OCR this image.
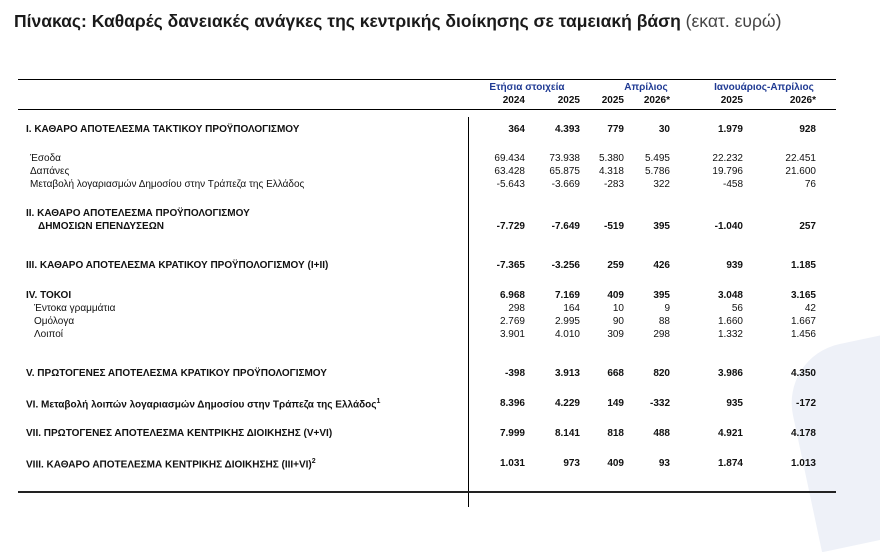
Πίνακας: Καθαρές δανειακές ανάγκες της κεντρικής διοίκησης σε ταμειακή βάση (εκατ. ευρώ)
Ετήσια στοιχεία	Απρίλιος	Ιανουάριος-Απρίλιος
2024	2025	2025	2026*	2025	2026*
I. ΚΑΘΑΡΟ ΑΠΟΤΕΛΕΣΜΑ ΤΑΚΤΙΚΟΥ ΠΡΟΫΠΟΛΟΓΙΣΜΟΥ	364	4.393	779	30	1.979	928
Έσοδα	69.434	73.938	5.380	5.495	22.232	22.451
Δαπάνες	63.428	65.875	4.318	5.786	19.796	21.600
Μεταβολή λογαριασμών Δημοσίου στην Τράπεζα της Ελλάδος	-5.643	-3.669	-283	322	-458	76
II. ΚΑΘΑΡΟ ΑΠΟΤΕΛΕΣΜΑ ΠΡΟΫΠΟΛΟΓΙΣΜΟΥ
ΔΗΜΟΣΙΩΝ ΕΠΕΝΔΥΣΕΩΝ	-7.729	-7.649	-519	395	-1.040	257
III. ΚΑΘΑΡΟ ΑΠΟΤΕΛΕΣΜΑ ΚΡΑΤΙΚΟΥ ΠΡΟΫΠΟΛΟΓΙΣΜΟΥ (I+II)	-7.365	-3.256	259	426	939	1.185
IV. ΤΟΚΟΙ	6.968	7.169	409	395	3.048	3.165
Έντοκα γραμμάτια	298	164	10	9	56	42
Ομόλογα	2.769	2.995	90	88	1.660	1.667
Λοιποί	3.901	4.010	309	298	1.332	1.456
V. ΠΡΩΤΟΓΕΝΕΣ ΑΠΟΤΕΛΕΣΜΑ ΚΡΑΤΙΚΟΥ ΠΡΟΫΠΟΛΟΓΙΣΜΟΥ	-398	3.913	668	820	3.986	4.350
VI. Μεταβολή λοιπών λογαριασμών Δημοσίου στην Τράπεζα της Ελλάδος$^1$	8.396	4.229	149	-332	935	-172
VII. ΠΡΩΤΟΓΕΝΕΣ ΑΠΟΤΕΛΕΣΜΑ ΚΕΝΤΡΙΚΗΣ ΔΙΟΙΚΗΣΗΣ (V+VI)	7.999	8.141	818	488	4.921	4.178
VIII. ΚΑΘΑΡΟ ΑΠΟΤΕΛΕΣΜΑ ΚΕΝΤΡΙΚΗΣ ΔΙΟΙΚΗΣΗΣ $(III+VI)^2$	1.031	973	409	93	1.874	1.013
